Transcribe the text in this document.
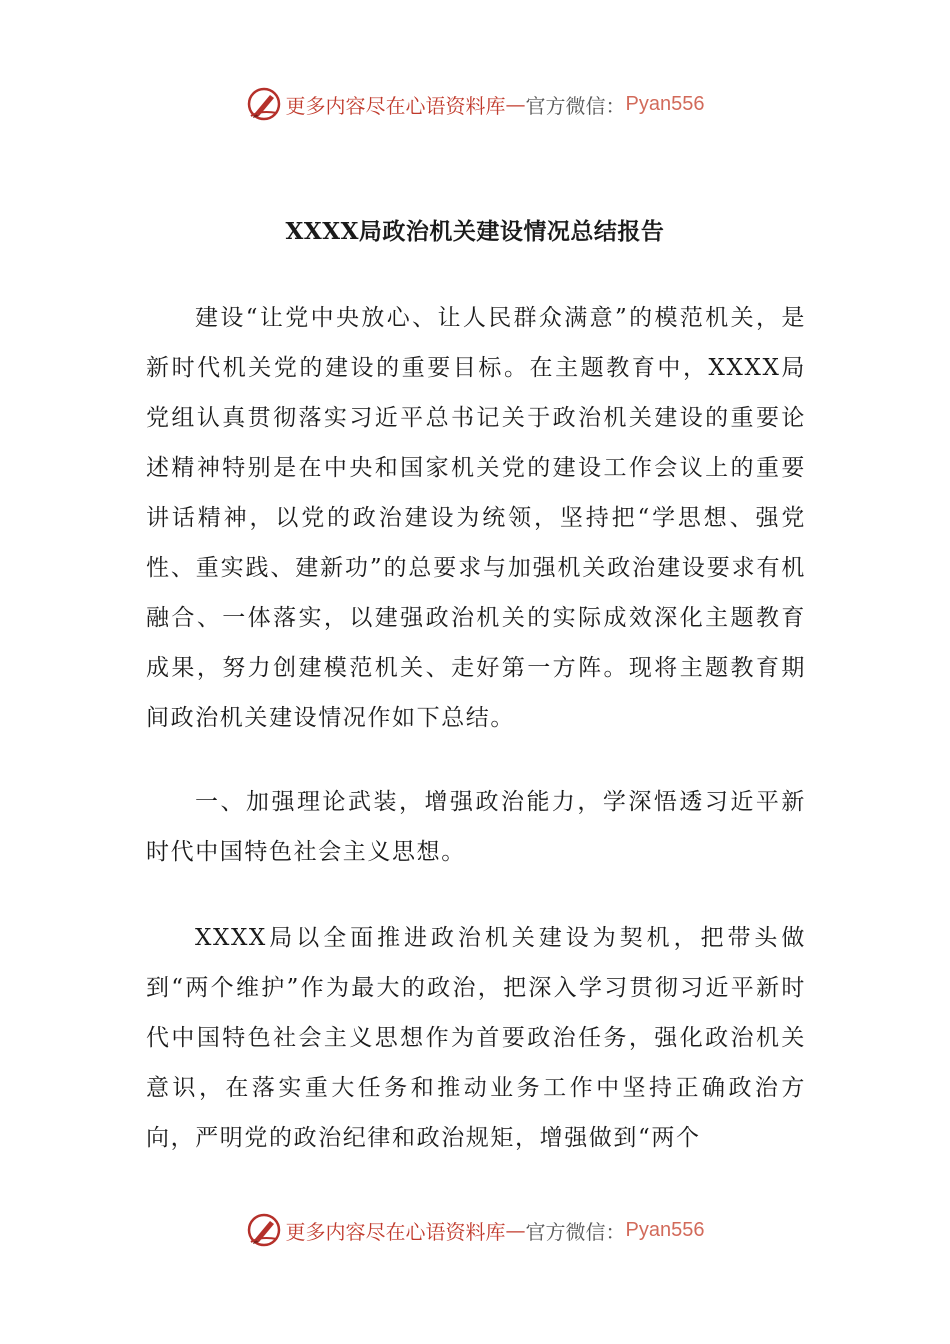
更多内容尽在心语资料库 — 官方微信： Pyan556
XXXX局政治机关建设情况总结报告

建设“让党中央放心、让人民群众满意”的模范机关，是新时代机关党的建设的重要目标。在主题教育中，XXXX局党组认真贯彻落实习近平总书记关于政治机关建设的重要论述精神特别是在中央和国家机关党的建设工作会议上的重要讲话精神，以党的政治建设为统领，坚持把“学思想、强党性、重实践、建新功”的总要求与加强机关政治建设要求有机融合、一体落实，以建强政治机关的实际成效深化主题教育成果，努力创建模范机关、走好第一方阵。现将主题教育期间政治机关建设情况作如下总结。

一、加强理论武装，增强政治能力，学深悟透习近平新时代中国特色社会主义思想。

XXXX局以全面推进政治机关建设为契机，把带头做到“两个维护”作为最大的政治，把深入学习贯彻习近平新时代中国特色社会主义思想作为首要政治任务，强化政治机关意识，在落实重大任务和推动业务工作中坚持正确政治方向，严明党的政治纪律和政治规矩，增强做到“两个

更多内容尽在心语资料库 — 官方微信： Pyan556
